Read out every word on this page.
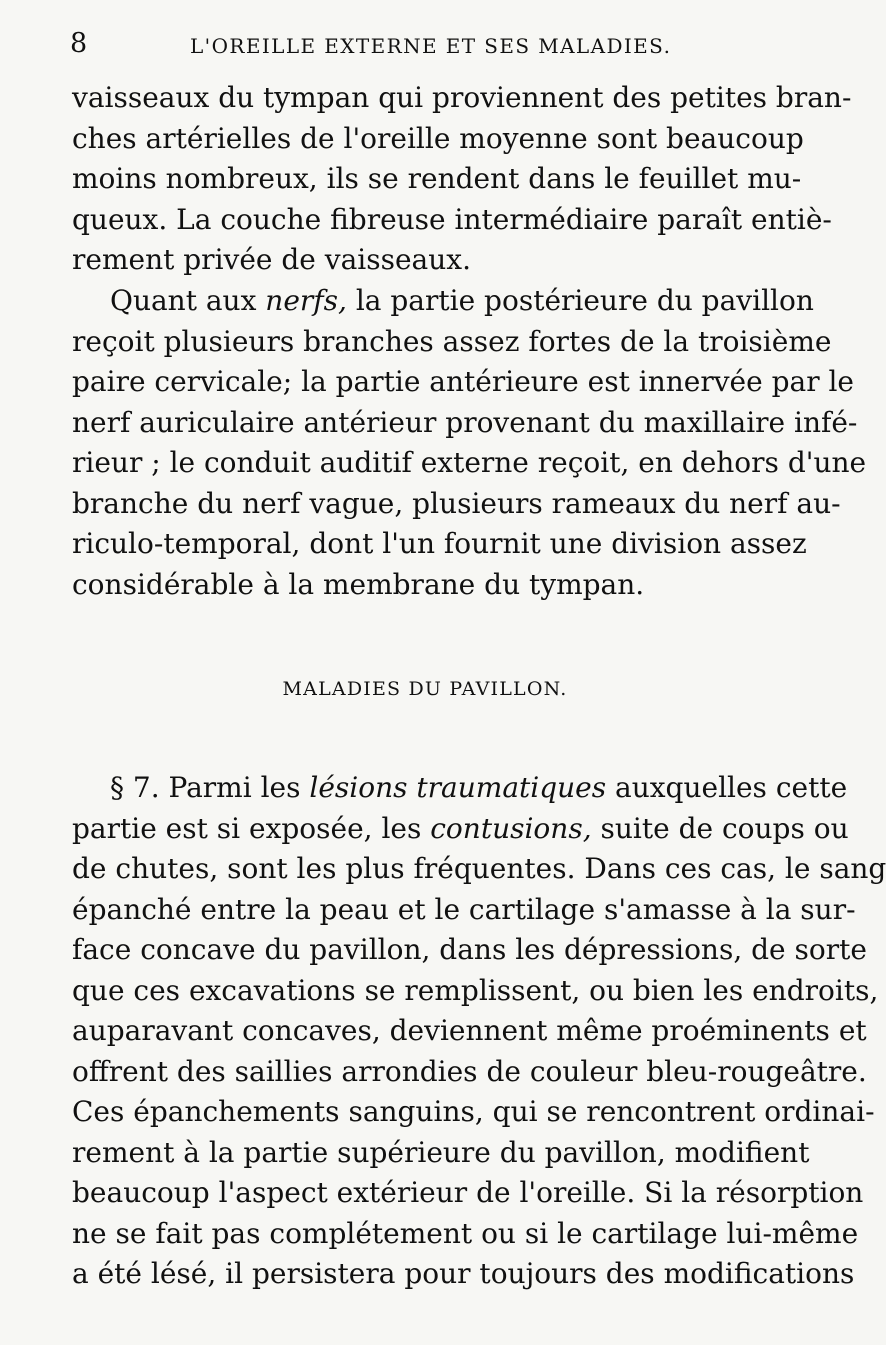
8	L'OREILLE EXTERNE ET SES MALADIES.
vaisseaux du tympan qui proviennent des petites bran-
ches artérielles de l'oreille moyenne sont beaucoup
moins nombreux, ils se rendent dans le feuillet mu-
queux. La couche fibreuse intermédiaire paraît entiè-
rement privée de vaisseaux.
Quant aux nerfs, la partie postérieure du pavillon
reçoit plusieurs branches assez fortes de la troisième
paire cervicale; la partie antérieure est innervée par le
nerf auriculaire antérieur provenant du maxillaire infé-
rieur ; le conduit auditif externe reçoit, en dehors d'une
branche du nerf vague, plusieurs rameaux du nerf au-
riculo-temporal, dont l'un fournit une division assez
considérable à la membrane du tympan.
MALADIES DU PAVILLON.
§ 7. Parmi les lésions traumatiques auxquelles cette
partie est si exposée, les contusions, suite de coups ou
de chutes, sont les plus fréquentes. Dans ces cas, le sang
épanché entre la peau et le cartilage s'amasse à la sur-
face concave du pavillon, dans les dépressions, de sorte
que ces excavations se remplissent, ou bien les endroits,
auparavant concaves, deviennent même proéminents et
offrent des saillies arrondies de couleur bleu-rougeâtre.
Ces épanchements sanguins, qui se rencontrent ordinai-
rement à la partie supérieure du pavillon, modifient
beaucoup l'aspect extérieur de l'oreille. Si la résorption
ne se fait pas complétement ou si le cartilage lui-même
a été lésé, il persistera pour toujours des modifications
